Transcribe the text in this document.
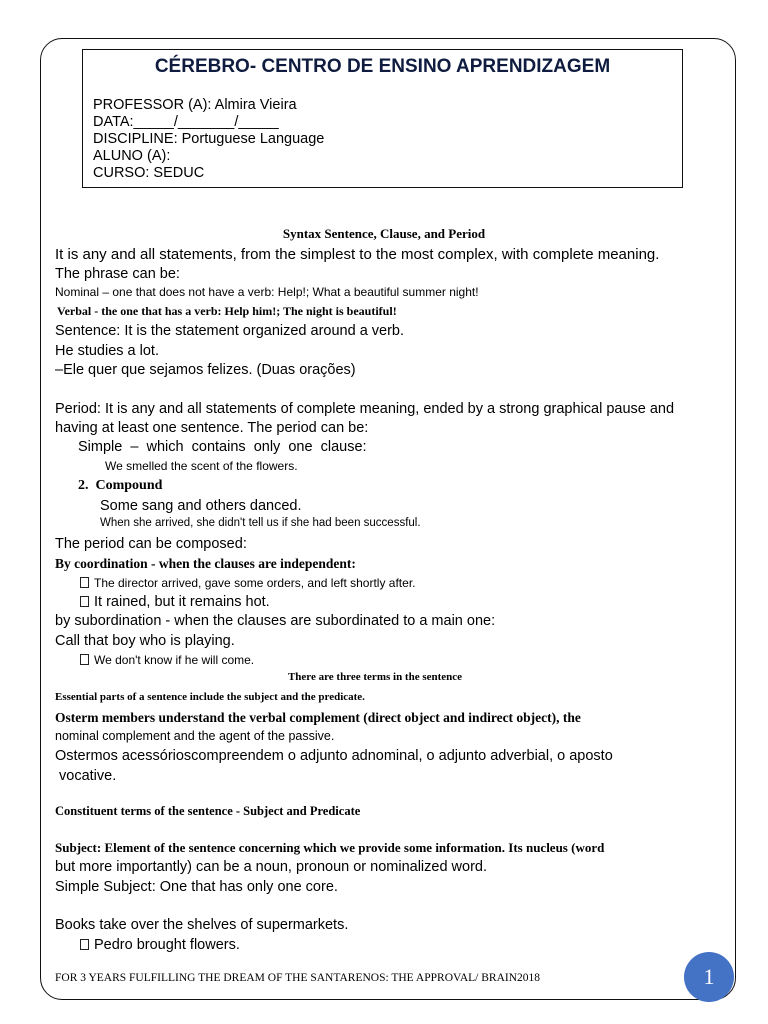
CÉREBRO- CENTRO DE ENSINO APRENDIZAGEM
PROFESSOR (A): Almira Vieira
DATA:_____/_______/_____
DISCIPLINE: Portuguese Language
ALUNO (A):
CURSO: SEDUC
Syntax Sentence, Clause, and Period
It is any and all statements, from the simplest to the most complex, with complete meaning.
The phrase can be:
Nominal – one that does not have a verb: Help!; What a beautiful summer night!
Verbal - the one that has a verb: Help him!; The night is beautiful!
Sentence: It is the statement organized around a verb.
He studies a lot.
–Ele quer que sejamos felizes. (Duas orações)
Period: It is any and all statements of complete meaning, ended by a strong graphical pause and
having at least one sentence. The period can be:
Simple  –  which  contains  only  one  clause:
We smelled the scent of the flowers.
2.  Compound
Some sang and others danced.
When she arrived, she didn't tell us if she had been successful.
The period can be composed:
By coordination - when the clauses are independent:
The director arrived, gave some orders, and left shortly after.
It rained, but it remains hot.
by subordination - when the clauses are subordinated to a main one:
Call that boy who is playing.
We don't know if he will come.
There are three terms in the sentence
Essential parts of a sentence include the subject and the predicate.
Osterm members understand the verbal complement (direct object and indirect object), the
nominal complement and the agent of the passive.
Ostermos acessórioscompreendem o adjunto adnominal, o adjunto adverbial, o aposto
vocative.
Constituent terms of the sentence - Subject and Predicate
Subject: Element of the sentence concerning which we provide some information. Its nucleus (word
but more importantly) can be a noun, pronoun or nominalized word.
Simple Subject: One that has only one core.
Books take over the shelves of supermarkets.
Pedro brought flowers.
FOR 3 YEARS FULFILLING THE DREAM OF THE SANTARENOS: THE APPROVAL/ BRAIN2018	1
